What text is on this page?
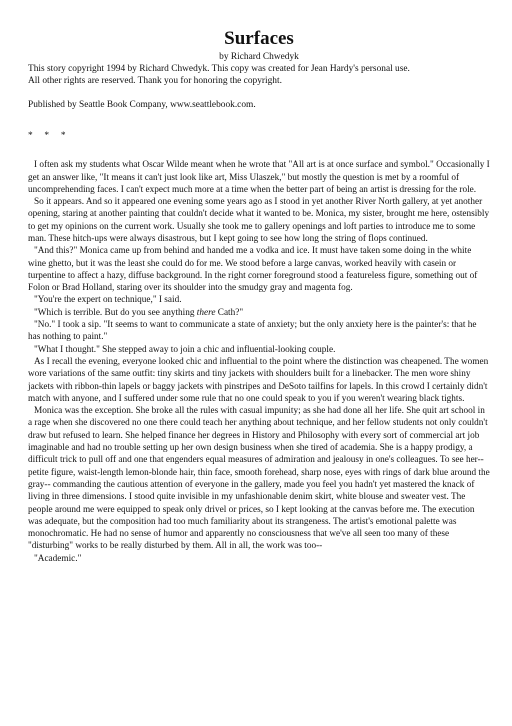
Surfaces
by Richard Chwedyk
This story copyright 1994 by Richard Chwedyk. This copy was created for Jean Hardy's personal use.
All other rights are reserved. Thank you for honoring the copyright.
Published by Seattle Book Company, www.seattlebook.com.
*     *     *

I often ask my students what Oscar Wilde meant when he wrote that "All art is at once surface and symbol." Occasionally I get an answer like, "It means it can't just look like art, Miss Ulaszek," but mostly the question is met by a roomful of uncomprehending faces. I can't expect much more at a time when the better part of being an artist is dressing for the role.

So it appears. And so it appeared one evening some years ago as I stood in yet another River North gallery, at yet another opening, staring at another painting that couldn't decide what it wanted to be. Monica, my sister, brought me here, ostensibly to get my opinions on the current work. Usually she took me to gallery openings and loft parties to introduce me to some man. These hitch-ups were always disastrous, but I kept going to see how long the string of flops continued.

"And this?" Monica came up from behind and handed me a vodka and ice. It must have taken some doing in the white wine ghetto, but it was the least she could do for me. We stood before a large canvas, worked heavily with casein or turpentine to affect a hazy, diffuse background. In the right corner foreground stood a featureless figure, something out of Folon or Brad Holland, staring over its shoulder into the smudgy gray and magenta fog.

"You're the expert on technique," I said.

"Which is terrible. But do you see anything there Cath?"

"No." I took a sip. "It seems to want to communicate a state of anxiety; but the only anxiety here is the painter's: that he has nothing to paint."

"What I thought." She stepped away to join a chic and influential-looking couple.

As I recall the evening, everyone looked chic and influential to the point where the distinction was cheapened. The women wore variations of the same outfit: tiny skirts and tiny jackets with shoulders built for a linebacker. The men wore shiny jackets with ribbon-thin lapels or baggy jackets with pinstripes and DeSoto tailfins for lapels. In this crowd I certainly didn't match with anyone, and I suffered under some rule that no one could speak to you if you weren't wearing black tights.

Monica was the exception. She broke all the rules with casual impunity; as she had done all her life. She quit art school in a rage when she discovered no one there could teach her anything about technique, and her fellow students not only couldn't draw but refused to learn. She helped finance her degrees in History and Philosophy with every sort of commercial art job imaginable and had no trouble setting up her own design business when she tired of academia. She is a happy prodigy, a difficult trick to pull off and one that engenders equal measures of admiration and jealousy in one's colleagues. To see her-- petite figure, waist-length lemon-blonde hair, thin face, smooth forehead, sharp nose, eyes with rings of dark blue around the gray-- commanding the cautious attention of everyone in the gallery, made you feel you hadn't yet mastered the knack of living in three dimensions. I stood quite invisible in my unfashionable denim skirt, white blouse and sweater vest. The people around me were equipped to speak only drivel or prices, so I kept looking at the canvas before me. The execution was adequate, but the composition had too much familiarity about its strangeness. The artist's emotional palette was monochromatic. He had no sense of humor and apparently no consciousness that we've all seen too many of these "disturbing" works to be really disturbed by them. All in all, the work was too--

"Academic."
